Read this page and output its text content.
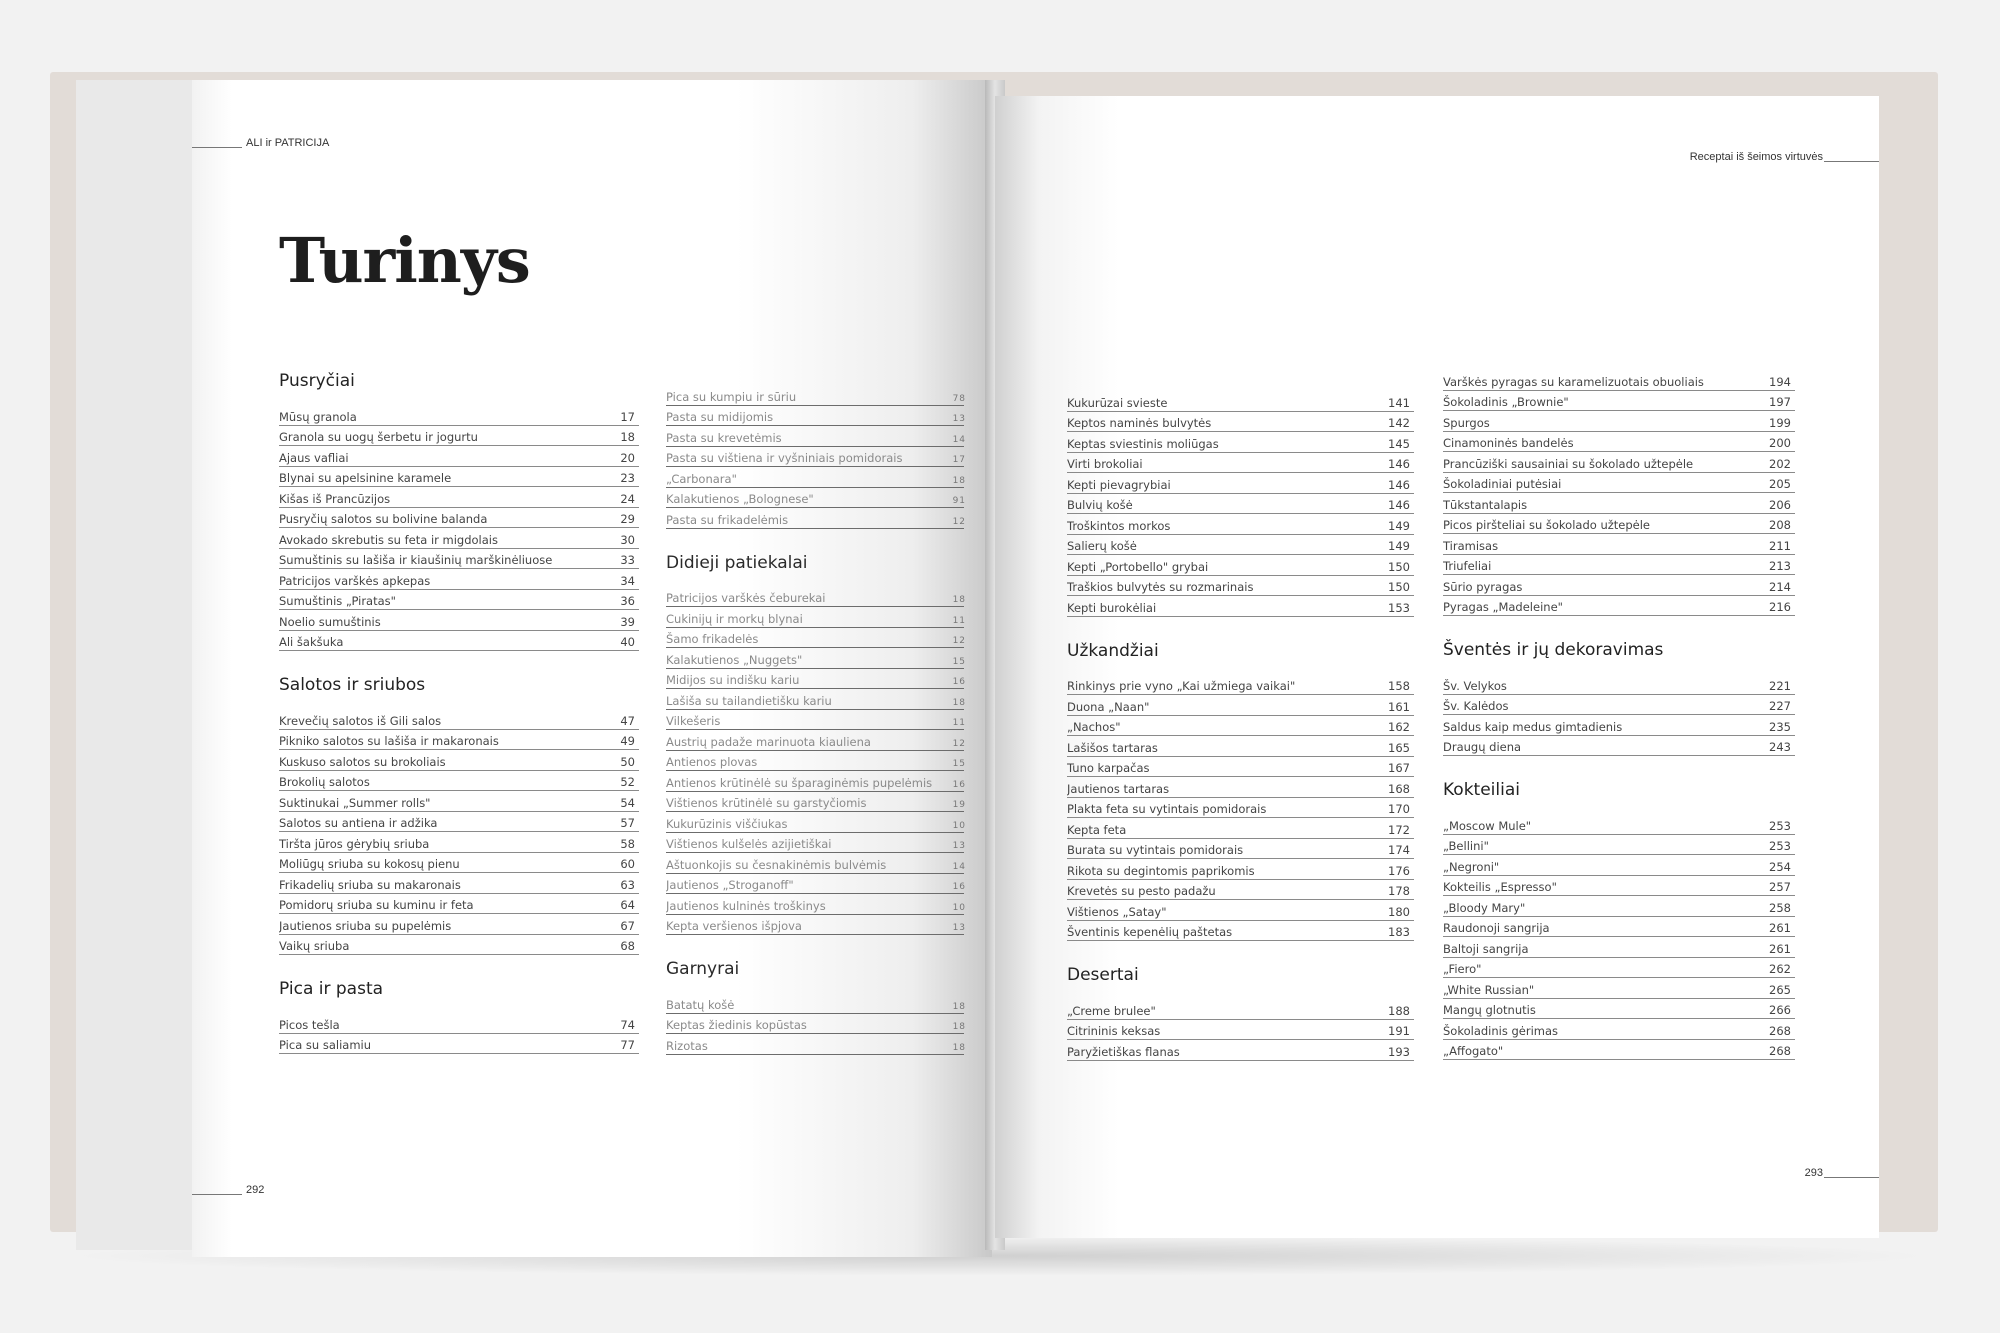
ALI ir PATRICIJA
Turinys
Pusryčiai
Mūsų granola	17
Granola su uogų šerbetu ir jogurtu	18
Ajaus vafliai	20
Blynai su apelsinine karamele	23
Kišas iš Prancūzijos	24
Pusryčių salotos su bolivine balanda	29
Avokado skrebutis su feta ir migdolais	30
Sumuštinis su lašiša ir kiaušinių marškinėliuose	33
Patricijos varškės apkepas	34
Sumuštinis „Piratas"	36
Noelio sumuštinis	39
Ali šakšuka	40
Salotos ir sriubos
Krevečių salotos iš Gili salos	47
Pikniko salotos su lašiša ir makaronais	49
Kuskuso salotos su brokoliais	50
Brokolių salotos	52
Suktinukai „Summer rolls"	54
Salotos su antiena ir adžika	57
Tiršta jūros gėrybių sriuba	58
Moliūgų sriuba su kokosų pienu	60
Frikadelių sriuba su makaronais	63
Pomidorų sriuba su kuminu ir feta	64
Jautienos sriuba su pupelėmis	67
Vaikų sriuba	68
Pica ir pasta
Picos tešla	74
Pica su saliamiu	77
Pica su kumpiu ir sūriu	7 8
Pasta su midijomis	1 3
Pasta su krevetėmis	1 4
Pasta su vištiena ir vyšniniais pomidorais	1 7
„Carbonara"	1 8
Kalakutienos „Bolognese"	9 1
Pasta su frikadelėmis	1 2
Didieji patiekalai
Patricijos varškės čeburekai	1 8
Cukinijų ir morkų blynai	1 1
Šamo frikadelės	1 2
Kalakutienos „Nuggets"	1 5
Midijos su indišku kariu	1 6
Lašiša su tailandietišku kariu	1 8
Vilkešeris	1 1
Austrių padaže marinuota kiauliena	1 2
Antienos plovas	1 5
Antienos krūtinėlė su šparaginėmis pupelėmis 1 6
Vištienos krūtinėlė su garstyčiomis	1 9
Kukurūzinis viščiukas	1 0
Vištienos kulšelės azijietiškai	1 3
Aštuonkojis su česnakinėmis bulvėmis	1 4
Jautienos „Stroganoff"	1 6
Jautienos kulninės troškinys	1 0
Kepta veršienos išpjova	1 3
Garnyrai
Batatų košė	1 8
Keptas žiedinis kopūstas	1 8
Rizotas	1 8
292
Receptai iš šeimos virtuvės
Kukurūzai sviestе	141
Keptos naminės bulvytės	142
Keptas sviestinis moliūgas	145
Virti brokoliai	146
Kepti pievagrybiai	146
Bulvių košė	146
Troškintos morkos	149
Salierų košė	149
Kepti „Portobello" grybai	150
Traškios bulvytės su rozmarinais	150
Kepti burokėliai	153
Užkandžiai
Rinkinys prie vyno „Kai užmiega vaikai"	158
Duona „Naan"	161
„Nachos"	162
Lašišos tartaras	165
Tuno karpačas	167
Jautienos tartaras	168
Plakta feta su vytintais pomidorais	170
Kepta feta	172
Burata su vytintais pomidorais	174
Rikota su degintomis paprikomis	176
Krevetės su pesto padažu	178
Vištienos „Satay"	180
Šventinis kepenėlių paštetas	183
Desertai
„Creme brulee"	188
Citrininis keksas	191
Paryžietiškas flanas	193
Varškės pyragas su karamelizuotais obuoliais	194
Šokoladinis „Brownie"	197
Spurgos	199
Cinamoninės bandelės	200
Prancūziški sausainiai su šokolado užtepėle	202
Šokoladiniai putėsiai	205
Tūkstantalapis	206
Picos pirštеliai su šokolado užtepėle	208
Tiramisas	211
Triufeliai	213
Sūrio pyragas	214
Pyragas „Madeleine"	216
Šventės ir jų dekoravimas
Šv. Velykos	221
Šv. Kalėdos	227
Saldus kaip medus gimtadienis	235
Draugų diena	243
Kokteiliai
„Moscow Mule"	253
„Bellini"	253
„Negroni"	254
Kokteilis „Espresso"	257
„Bloody Mary"	258
Raudonoji sangrija	261
Baltoji sangrija	261
„Fiero"	262
„White Russian"	265
Mangų glotnutis	266
Šokoladinis gėrimas	268
„Affogato"	268
293
